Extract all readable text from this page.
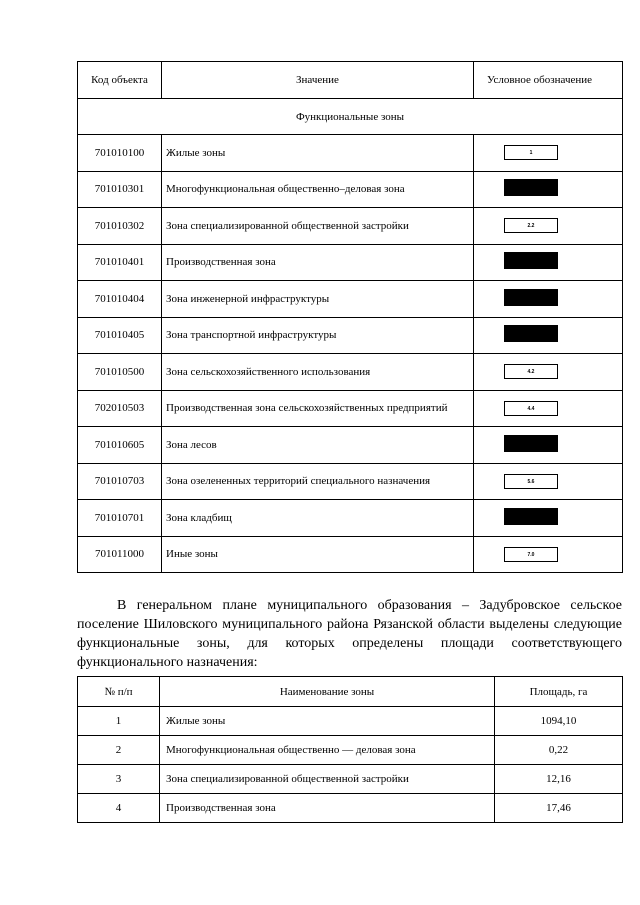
Код объекта	Значение	Условное обозначение

Функциональные зоны		
701010100	Жилые зоны	1
701010301	Многофункциональная общественно–деловая зона	
701010302	Зона специализированной общественной застройки	2.2
701010401	Производственная зона	
701010404	Зона инженерной инфраструктуры	
701010405	Зона транспортной инфраструктуры	
701010500	Зона сельскохозяйственного использования	4.2
702010503	Производственная зона сельскохозяйственных предприятий	4.4
701010605	Зона лесов	
701010703	Зона озелененных территорий специального назначения	5.6
701010701	Зона кладбищ	
701011000	Иные зоны	7.0

В генеральном плане муниципального образования – Задубровское сельское поселение Шиловского муниципального района Рязанской области выделены следующие функциональные зоны, для которых определены площади соответствующего функционального назначения:

№ п/п	Наименование зоны	Площадь, га
1	Жилые зоны	1094,10
2	Многофункциональная общественно — деловая зона	0,22
3	Зона специализированной общественной застройки	12,16
4	Производственная зона	17,46
